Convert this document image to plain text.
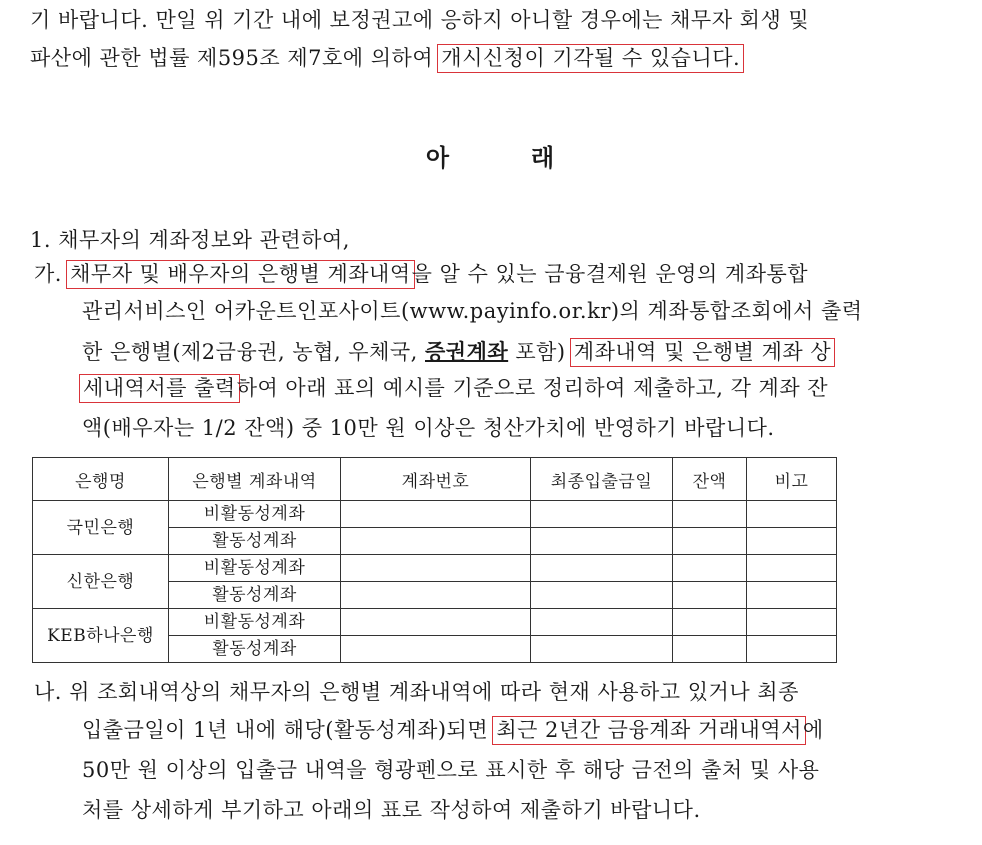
기 바랍니다. 만일 위 기간 내에 보정권고에 응하지 아니할 경우에는 채무자 회생 및
파산에 관한 법률 제595조 제7호에 의하여 개시신청이 기각될 수 있습니다.
아	래
1. 채무자의 계좌정보와 관련하여,
가. 채무자 및 배우자의 은행별 계좌내역을 알 수 있는 금융결제원 운영의 계좌통합
관리서비스인 어카운트인포사이트(www.payinfo.or.kr)의 계좌통합조회에서 출력
한 은행별(제2금융권, 농협, 우체국, 증권계좌 포함) 계좌내역 및 은행별 계좌 상
세내역서를 출력하여 아래 표의 예시를 기준으로 정리하여 제출하고, 각 계좌 잔
액(배우자는 1/2 잔액) 중 10만 원 이상은 청산가치에 반영하기 바랍니다.
은행명	은행별 계좌내역	계좌번호	최종입출금일	잔액	비고
국민은행	비활동성계좌				
	활동성계좌				
신한은행	비활동성계좌				
	활동성계좌				
KEB하나은행	비활동성계좌				
	활동성계좌				
나. 위 조회내역상의 채무자의 은행별 계좌내역에 따라 현재 사용하고 있거나 최종
입출금일이 1년 내에 해당(활동성계좌)되면 최근 2년간 금융계좌 거래내역서에
50만 원 이상의 입출금 내역을 형광펜으로 표시한 후 해당 금전의 출처 및 사용
처를 상세하게 부기하고 아래의 표로 작성하여 제출하기 바랍니다.
